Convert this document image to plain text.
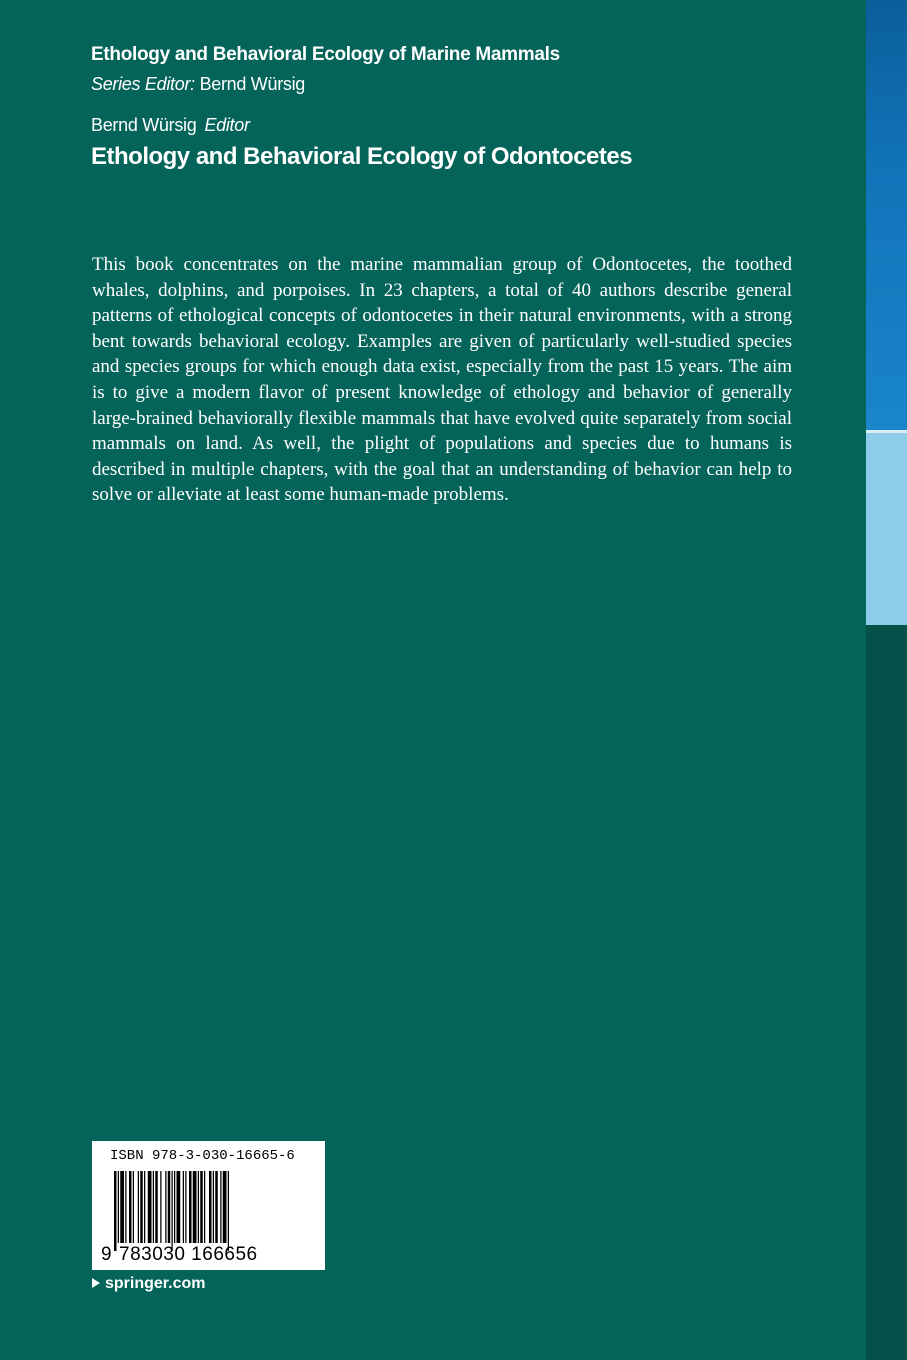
Ethology and Behavioral Ecology of Marine Mammals
Series Editor: Bernd Würsig
Bernd Würsig Editor
Ethology and Behavioral Ecology of Odontocetes
This book concentrates on the marine mammalian group of Odontocetes, the toothed whales, dolphins, and porpoises. In 23 chapters, a total of 40 authors describe general patterns of ethological concepts of odontocetes in their natural environments, with a strong bent towards behavioral ecology. Examples are given of particularly well-studied species and species groups for which enough data exist, especially from the past 15 years. The aim is to give a modern flavor of present knowledge of ethology and behavior of generally large-brained behaviorally flexible mammals that have evolved quite separately from social mammals on land. As well, the plight of populations and species due to humans is described in multiple chapters, with the goal that an understanding of behavior can help to solve or alleviate at least some human-made problems.
ISBN 978-3-030-16665-6
9 783030 166656
springer.com
